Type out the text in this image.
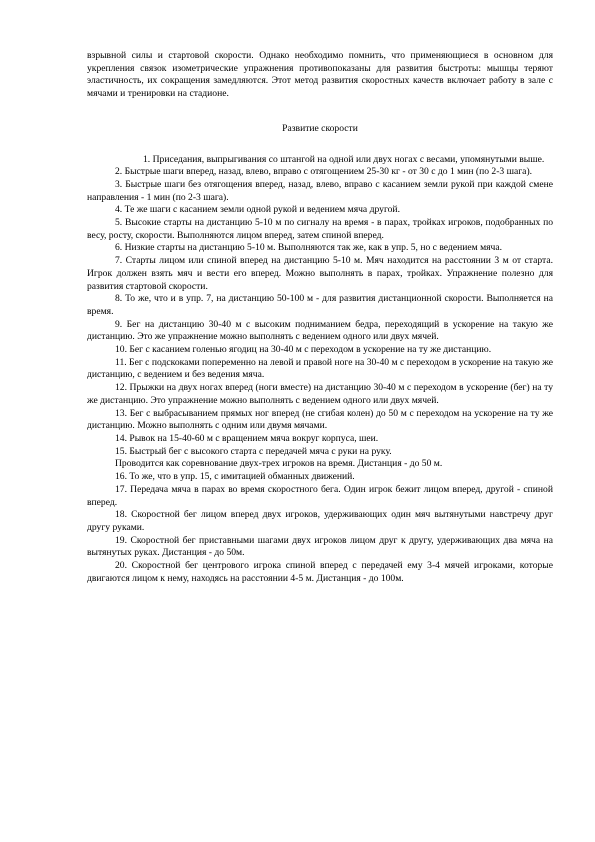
взрывной силы и стартовой скорости. Однако необходимо помнить, что применяющиеся в основном для укрепления связок изометрические упражнения противопоказаны для развития быстроты: мышцы теряют эластичность, их сокращения замедляются. Этот метод развития скоростных качеств включает работу в зале с мячами и тренировки на стадионе.

Развитие скорости

1. Приседания, выпрыгивания со штангой на одной или двух ногах с весами, упомянутыми выше.

2. Быстрые шаги вперед, назад, влево, вправо с отягощением 25-30 кг - от 30 с до 1 мин (по 2-3 шага).

3. Быстрые шаги без отягощения вперед, назад, влево, вправо с касанием земли рукой при каждой смене направления - 1 мин (по 2-3 шага).

4. Те же шаги с касанием земли одной рукой и ведением мяча другой.

5. Высокие старты на дистанцию 5-10 м по сигналу на время - в парах, тройках игроков, подобранных по весу, росту, скорости. Выполняются лицом вперед, затем спиной вперед.

6. Низкие старты на дистанцию 5-10 м. Выполняются так же, как в упр. 5, но с ведением мяча.

7. Старты лицом или спиной вперед на дистанцию 5-10 м. Мяч находится на расстоянии 3 м от старта. Игрок должен взять мяч и вести его вперед. Можно выполнять в парах, тройках. Упражнение полезно для развития стартовой скорости.

8. То же, что и в упр. 7, на дистанцию 50-100 м - для развития дистанционной скорости. Выполняется на время.

9. Бег на дистанцию 30-40 м с высоким подниманием бедра, переходящий в ускорение на такую же дистанцию. Это же упражнение можно выполнять с ведением одного или двух мячей.

10. Бег с касанием голенью ягодиц на 30-40 м с переходом в ускорение на ту же дистанцию.

11. Бег с подскоками попеременно на левой и правой ноге на 30-40 м с переходом в ускорение на такую же дистанцию, с ведением и без ведения мяча.

12. Прыжки на двух ногах вперед (ноги вместе) на дистанцию 30-40 м с переходом в ускорение (бег) на ту же дистанцию. Это упражнение можно выполнять с ведением одного или двух мячей.

13. Бег с выбрасыванием прямых ног вперед (не сгибая колен) до 50 м с переходом на ускорение на ту же дистанцию. Можно выполнять с одним или двумя мячами.

14. Рывок на 15-40-60 м с вращением мяча вокруг корпуса, шеи.

15. Быстрый бег с высокого старта с передачей мяча с руки на руку.

Проводится как соревнование двух-трех игроков на время. Дистанция - до 50 м.

16. То же, что в упр. 15, с имитацией обманных движений.

17. Передача мяча в парах во время скоростного бега. Один игрок бежит лицом вперед, другой - спиной вперед.

18. Скоростной бег лицом вперед двух игроков, удерживающих один мяч вытянутыми навстречу друг другу руками.

19. Скоростной бег приставными шагами двух игроков лицом друг к другу, удерживающих два мяча на вытянутых руках. Дистанция - до 50м.

20. Скоростной бег центрового игрока спиной вперед с передачей ему 3-4 мячей игроками, которые двигаются лицом к нему, находясь на расстоянии 4-5 м. Дистанция - до 100м.
